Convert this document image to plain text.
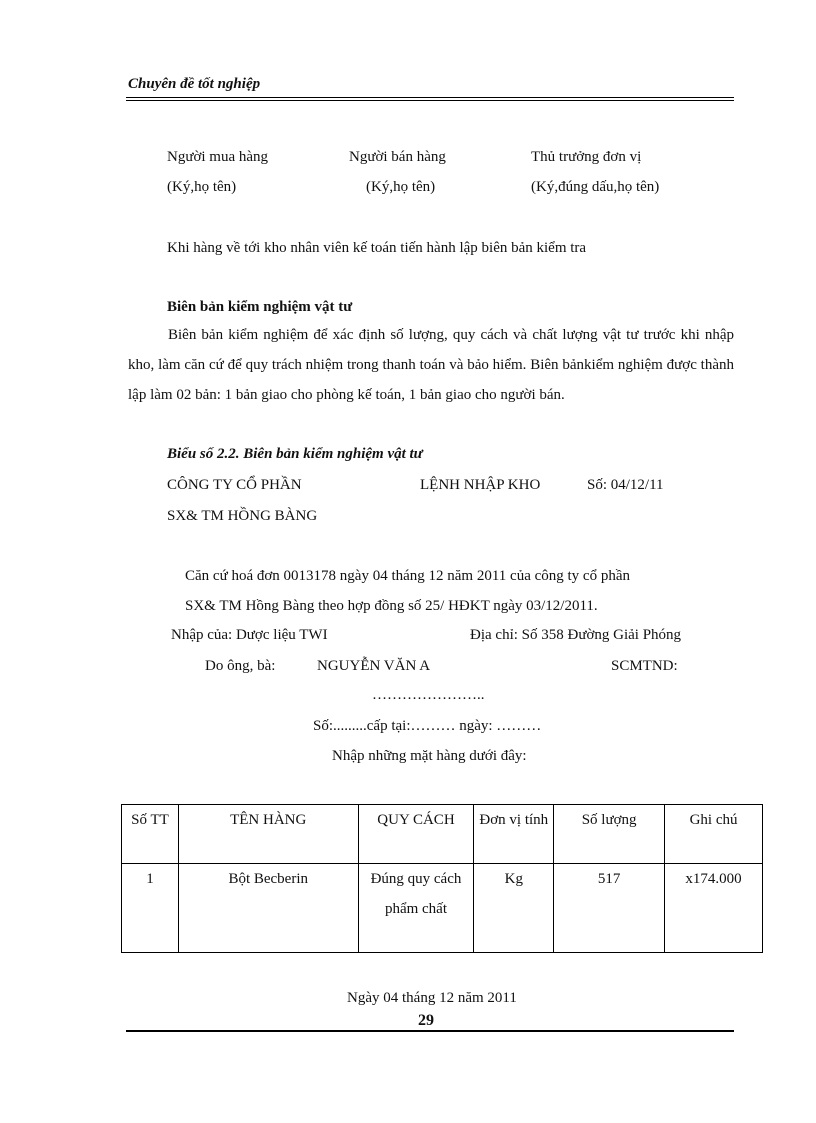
Chuyên đề tốt nghiệp
Người mua hàng	Người bán hàng	Thủ trưởng đơn vị
(Ký,họ tên)	(Ký,họ tên)	(Ký,đúng dấu,họ tên)
Khi hàng về tới kho nhân viên kế toán tiến hành lập biên bản kiểm tra
Biên bản kiểm nghiệm vật tư

Biên bản kiểm nghiệm để xác định số lượng, quy cách và chất lượng vật tư trước khi nhập kho, làm căn cứ để quy trách nhiệm trong thanh toán và bảo hiểm. Biên bảnkiểm nghiệm được thành lập làm 02 bản: 1 bản giao cho phòng kế toán, 1 bản giao cho người bán.

Biểu số 2.2. Biên bản kiểm nghiệm vật tư
CÔNG TY CỔ PHẦN
SX& TM HỒNG BÀNG
LỆNH NHẬP KHO	Số: 04/12/11
Căn cứ hoá đơn 0013178 ngày 04 tháng 12 năm 2011 của công ty cổ phần
SX& TM Hồng Bàng theo hợp đồng số 25/ HĐKT ngày 03/12/2011.
Nhập của: Dược liệu TWI	Địa chỉ: Số 358 Đường Giải Phóng
Do ông, bà:	NGUYỄN VĂN A	SCMTND:
…………………..
Số:.........cấp tại:……… ngày: ………
Nhập những mặt hàng dưới đây:
Số TT	TÊN HÀNG	QUY CÁCH	Đơn vị tính	Số lượng	Ghi chú
1	Bột Becberin	Đúng quy cách phẩm chất	Kg	517	x174.000
Ngày 04 tháng 12 năm 2011
29
